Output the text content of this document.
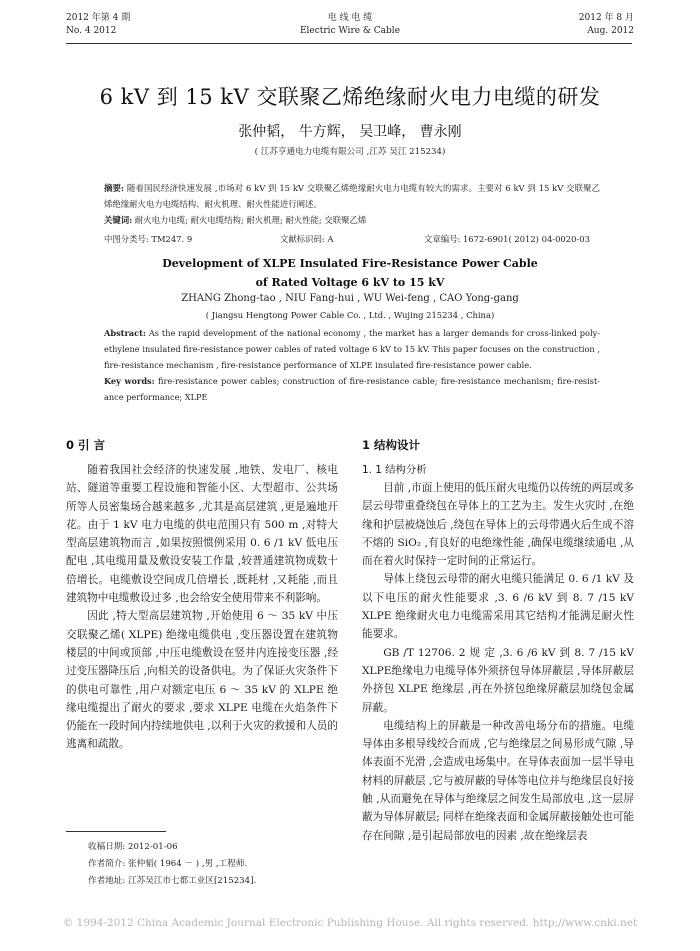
2012 年第 4 期
No. 4 2012
电 线 电 缆
Electric Wire & Cable
2012 年 8 月
Aug. 2012
6 kV 到 15 kV 交联聚乙烯绝缘耐火电力电缆的研发
张仲韬， 牛方辉， 吴卫峰， 曹永刚
( 江苏亨通电力电缆有限公司 ,江苏 吴江 215234)

摘要: 随着国民经济快速发展 ,市场对 6 kV 到 15 kV 交联聚乙烯绝缘耐火电力电缆有较大的需求。主要对 6 kV 到 15 kV 交联聚乙烯绝缘耐火电力电缆结构、耐火机理、耐火性能进行阐述。

关键词: 耐火电力电缆; 耐火电缆结构; 耐火机理; 耐火性能; 交联聚乙烯

中图分类号: TM247. 9	文献标识码: A	文章编号: 1672-6901( 2012) 04-0020-03
Development of XLPE Insulated Fire-Resistance Power Cable
of Rated Voltage 6 kV to 15 kV
ZHANG Zhong-tao , NIU Fang-hui , WU Wei-feng , CAO Yong-gang
( Jiangsu Hengtong Power Cable Co. , Ltd. , Wujing 215234 , China)

Abstract: As the rapid development of the national economy , the market has a larger demands for cross-linked poly-ethylene insulated fire-resistance power cables of rated voltage 6 kV to 15 kV. This paper focuses on the construction , fire-resistance mechanism , fire-resistance performance of XLPE insulated fire-resistance power cable.

Key words: fire-resistance power cables; construction of fire-resistance cable; fire-resistance mechanism; fire-resist-ance performance; XLPE

0 引 言

随着我国社会经济的快速发展 ,地铁、发电厂、核电站、隧道等重要工程设施和智能小区、大型超市、公共场所等人员密集场合越来越多 ,尤其是高层建筑 ,更是遍地开花。由于 1 kV 电力电缆的供电范围只有 500 m ,对特大型高层建筑物而言 ,如果按照惯例采用 0. 6 /1 kV 低电压配电 ,其电缆用量及敷设安装工作量 ,较普通建筑物成数十倍增长。电缆敷设空间成几倍增长 ,既耗材 ,又耗能 ,而且建筑物中电缆敷设过多 ,也会给安全使用带来不利影响。

因此 ,特大型高层建筑物 ,开始使用 6 ～ 35 kV 中压交联聚乙烯( XLPE) 绝缘电缆供电 ,变压器设置在建筑物楼层的中间或顶部 ,中压电缆敷设在竖井内连接变压器 ,经过变压器降压后 ,向相关的设备供电。为了保证火灾条件下的供电可靠性 ,用户对额定电压 6 ～ 35 kV 的 XLPE 绝缘电缆提出了耐火的要求 ,要求 XLPE 电缆在火焰条件下仍能在一段时间内持续地供电 ,以利于火灾的救援和人员的逃离和疏散。

1 结构设计
1. 1 结构分析

目前 ,市面上使用的低压耐火电缆仍以传统的两层或多层云母带重叠绕包在导体上的工艺为主。发生火灾时 ,在绝缘和护层被烧蚀后 ,绕包在导体上的云母带遇火后生成不溶不熔的 SiO₂ ,有良好的电绝缘性能 ,确保电缆继续通电 ,从而在着火时保持一定时间的正常运行。

导体上绕包云母带的耐火电缆只能满足 0. 6 /1 kV 及以下电压的耐火性能要求 ,3. 6 /6 kV 到 8. 7 /15 kV XLPE 绝缘耐火电力电缆需采用其它结构才能满足耐火性能要求。

GB /T 12706. 2 规 定 ,3. 6 /6 kV 到 8. 7 /15 kV XLPE绝缘电力电缆导体外须挤包导体屏蔽层 ,导体屏蔽层外挤包 XLPE 绝缘层 ,再在外挤包绝缘屏蔽层加绕包金属屏蔽。

电缆结构上的屏蔽是一种改善电场分布的措施。电缆导体由多根导线绞合而成 ,它与绝缘层之间易形成气隙 ,导体表面不光滑 ,会造成电场集中。在导体表面加一层半导电材料的屏蔽层 ,它与被屏蔽的导体等电位并与绝缘层良好接触 ,从而避免在导体与绝缘层之间发生局部放电 ,这一层屏蔽为导体屏蔽层; 同样在绝缘表面和金属屏蔽接触处也可能存在间隙 ,是引起局部放电的因素 ,故在绝缘层表

收稿日期: 2012-01-06
作者简介: 张仲韬( 1964 － ) ,男 ,工程师.
作者地址: 江苏吴江市七都工业区[215234].
© 1994-2012 China Academic Journal Electronic Publishing House. All rights reserved. http://www.cnki.net
